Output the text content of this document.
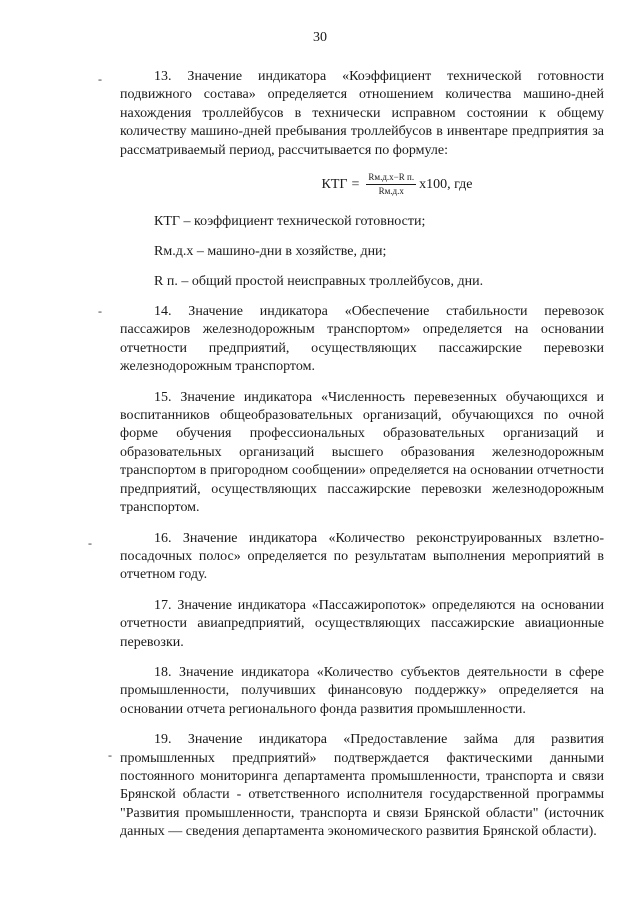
30
-
-
-
-

13. Значение индикатора «Коэффициент технической готовности подвижного состава» определяется отношением количества машино-дней нахождения троллейбусов в технически исправном состоянии к общему количеству машино-дней пребывания троллейбусов в инвентаре предприятия за рассматриваемый период, рассчитывается по формуле:

КТГ = $\frac{\text{Rм.д.х−R п.}}{Rм.д.х} x100$, где

КТГ – коэффициент технической готовности;

Rм.д.х – машино-дни в хозяйстве, дни;

R п. – общий простой неисправных троллейбусов, дни.

14. Значение индикатора «Обеспечение стабильности перевозок пассажиров железнодорожным транспортом» определяется на основании отчетности предприятий, осуществляющих пассажирские перевозки железнодорожным транспортом.

15. Значение индикатора «Численность перевезенных обучающихся и воспитанников общеобразовательных организаций, обучающихся по очной форме обучения профессиональных образовательных организаций и образовательных организаций высшего образования железнодорожным транспортом в пригородном сообщении» определяется на основании отчетности предприятий, осуществляющих пассажирские перевозки железнодорожным транспортом.

16. Значение индикатора «Количество реконструированных взлетно-посадочных полос» определяется по результатам выполнения мероприятий в отчетном году.

17. Значение индикатора «Пассажиропоток» определяются на основании отчетности авиапредприятий, осуществляющих пассажирские авиационные перевозки.

18. Значение индикатора «Количество субъектов деятельности в сфере промышленности, получивших финансовую поддержку» определяется на основании отчета регионального фонда развития промышленности.

19. Значение индикатора «Предоставление займа для развития промышленных предприятий» подтверждается фактическими данными постоянного мониторинга департамента промышленности, транспорта и связи Брянской области - ответственного исполнителя государственной программы "Развития промышленности, транспорта и связи Брянской области" (источник данных — сведения департамента экономического развития Брянской области).
